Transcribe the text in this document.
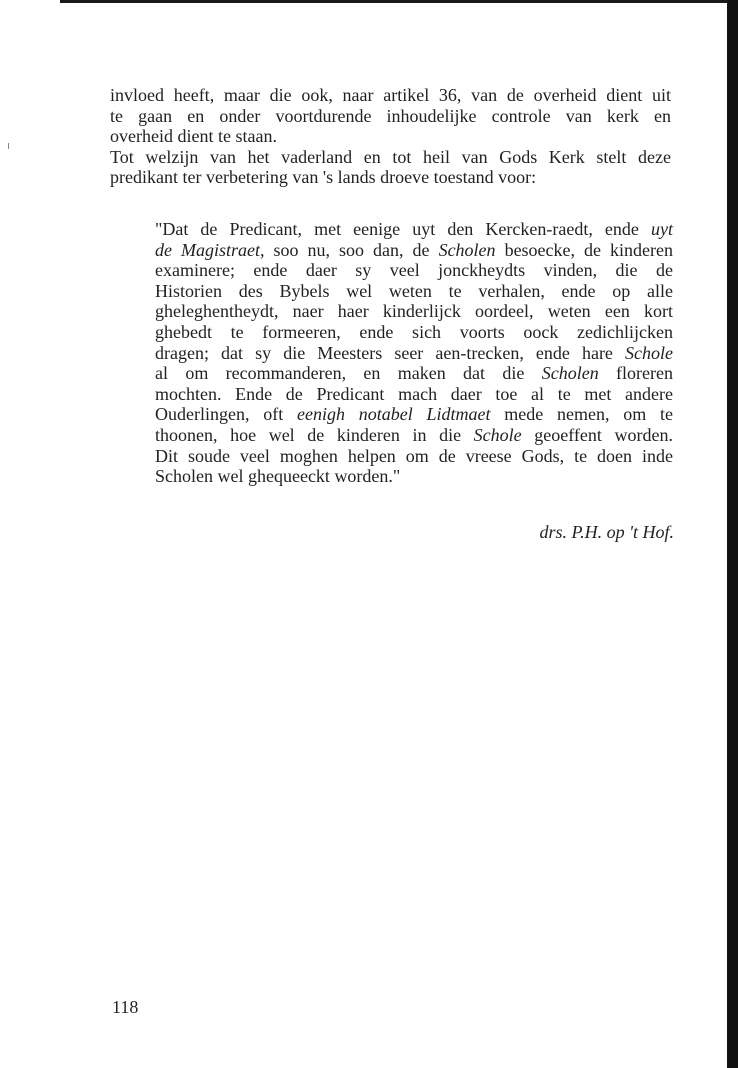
invloed heeft, maar die ook, naar artikel 36, van de overheid dient uit
te gaan en onder voortdurende inhoudelijke controle van kerk en
overheid dient te staan.
Tot welzijn van het vaderland en tot heil van Gods Kerk stelt deze
predikant ter verbetering van 's lands droeve toestand voor:
"Dat de Predicant, met eenige uyt den Kercken-raedt, ende uyt
de Magistraet, soo nu, soo dan, de Scholen besoecke, de kinderen
examinere; ende daer sy veel jonckheydts vinden, die de
Historien des Bybels wel weten te verhalen, ende op alle
gheleghentheydt, naer haer kinderlijck oordeel, weten een kort
ghebedt te formeeren, ende sich voorts oock zedichlijcken
dragen; dat sy die Meesters seer aen-trecken, ende hare Schole
al om recommanderen, en maken dat die Scholen floreren
mochten. Ende de Predicant mach daer toe al te met andere
Ouderlingen, oft eenigh notabel Lidtmaet mede nemen, om te
thoonen, hoe wel de kinderen in die Schole geoeffent worden.
Dit soude veel moghen helpen om de vreese Gods, te doen inde
Scholen wel ghequeeckt worden."
drs. P.H. op 't Hof.
118
